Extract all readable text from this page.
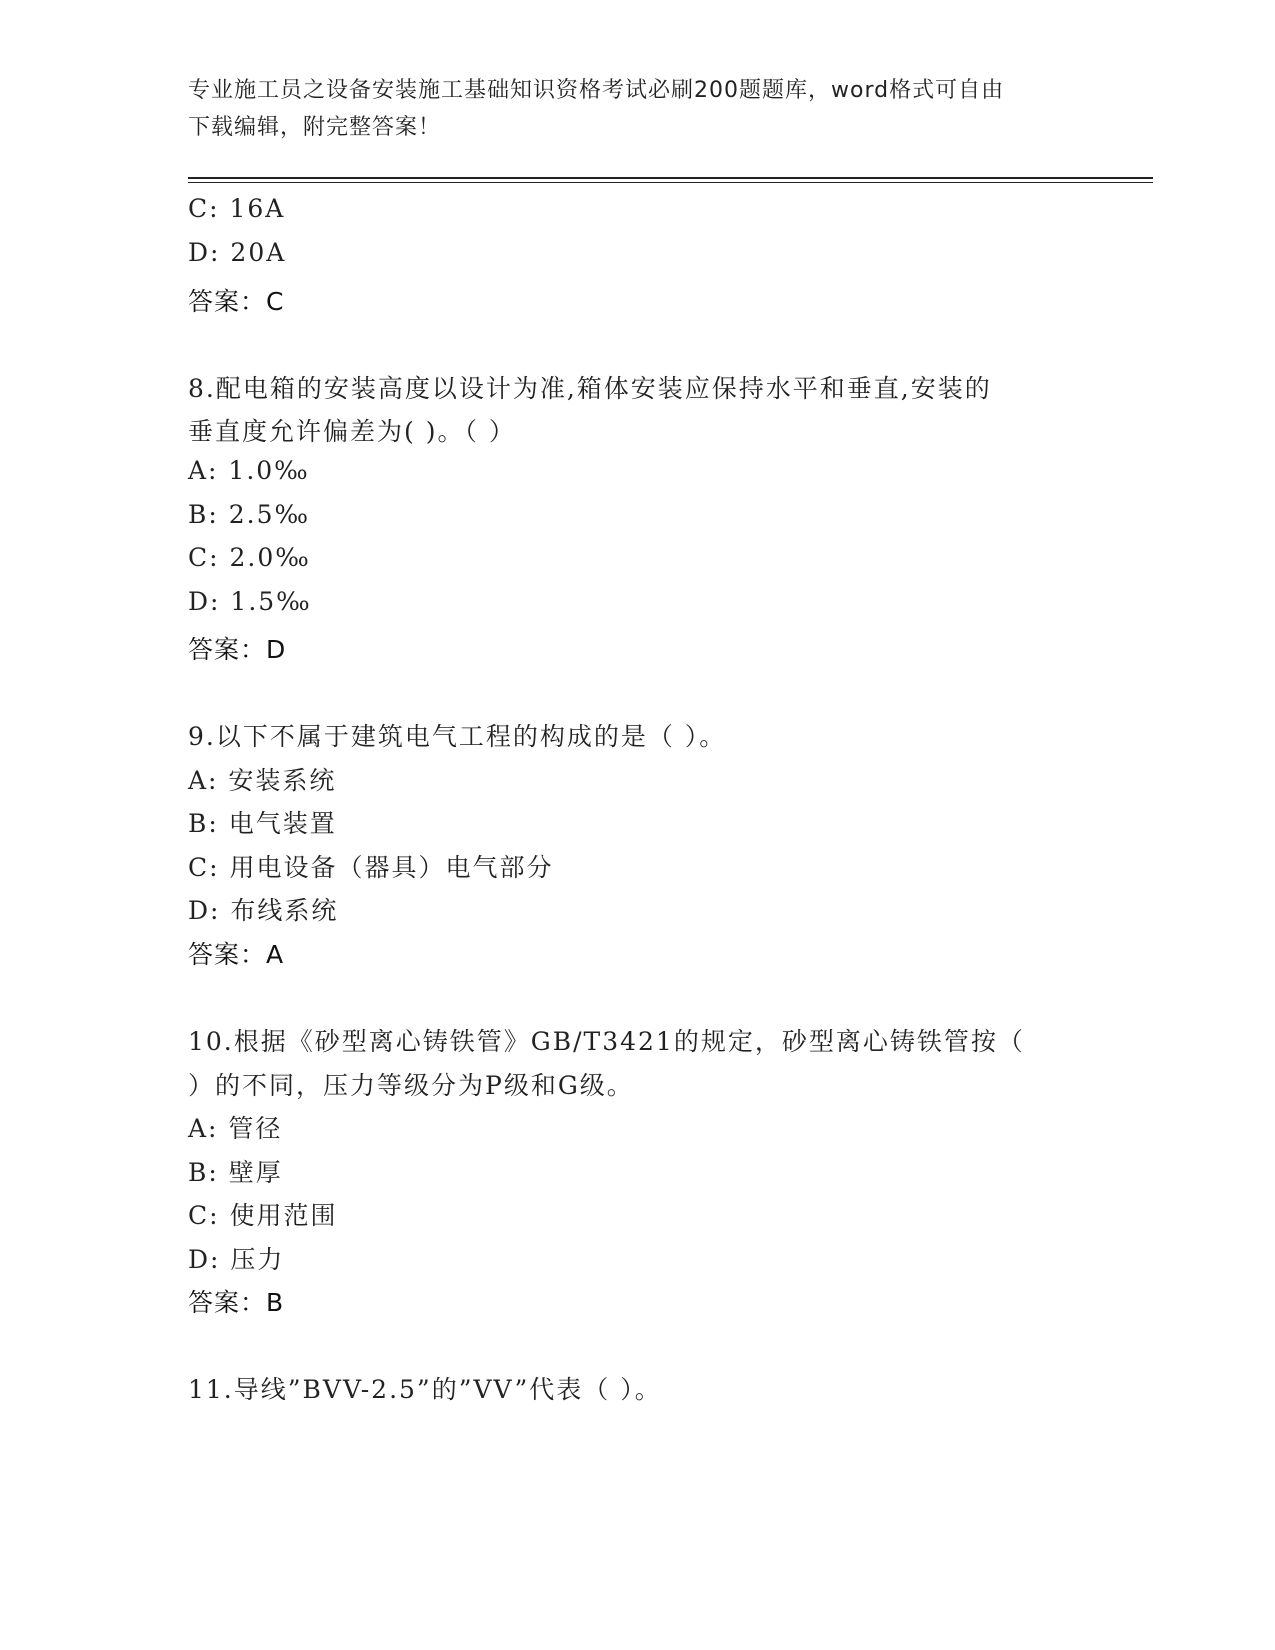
专业施工员之设备安装施工基础知识资格考试必刷200题题库，word格式可自由
下载编辑，附完整答案！
C: 16A
D: 20A
答案：C
8.配电箱的安装高度以设计为准,箱体安装应保持水平和垂直,安装的
垂直度允许偏差为( )。（ ）
A: 1.0‰
B: 2.5‰
C: 2.0‰
D: 1.5‰
答案：D
9.以下不属于建筑电气工程的构成的是（ ）。
A: 安装系统
B: 电气装置
C: 用电设备（器具）电气部分
D: 布线系统
答案：A
10.根据《砂型离心铸铁管》GB/T3421的规定，砂型离心铸铁管按（
）的不同，压力等级分为P级和G级。
A: 管径
B: 壁厚
C: 使用范围
D: 压力
答案：B
11.导线”BVV-2.5”的”VV”代表（ ）。
